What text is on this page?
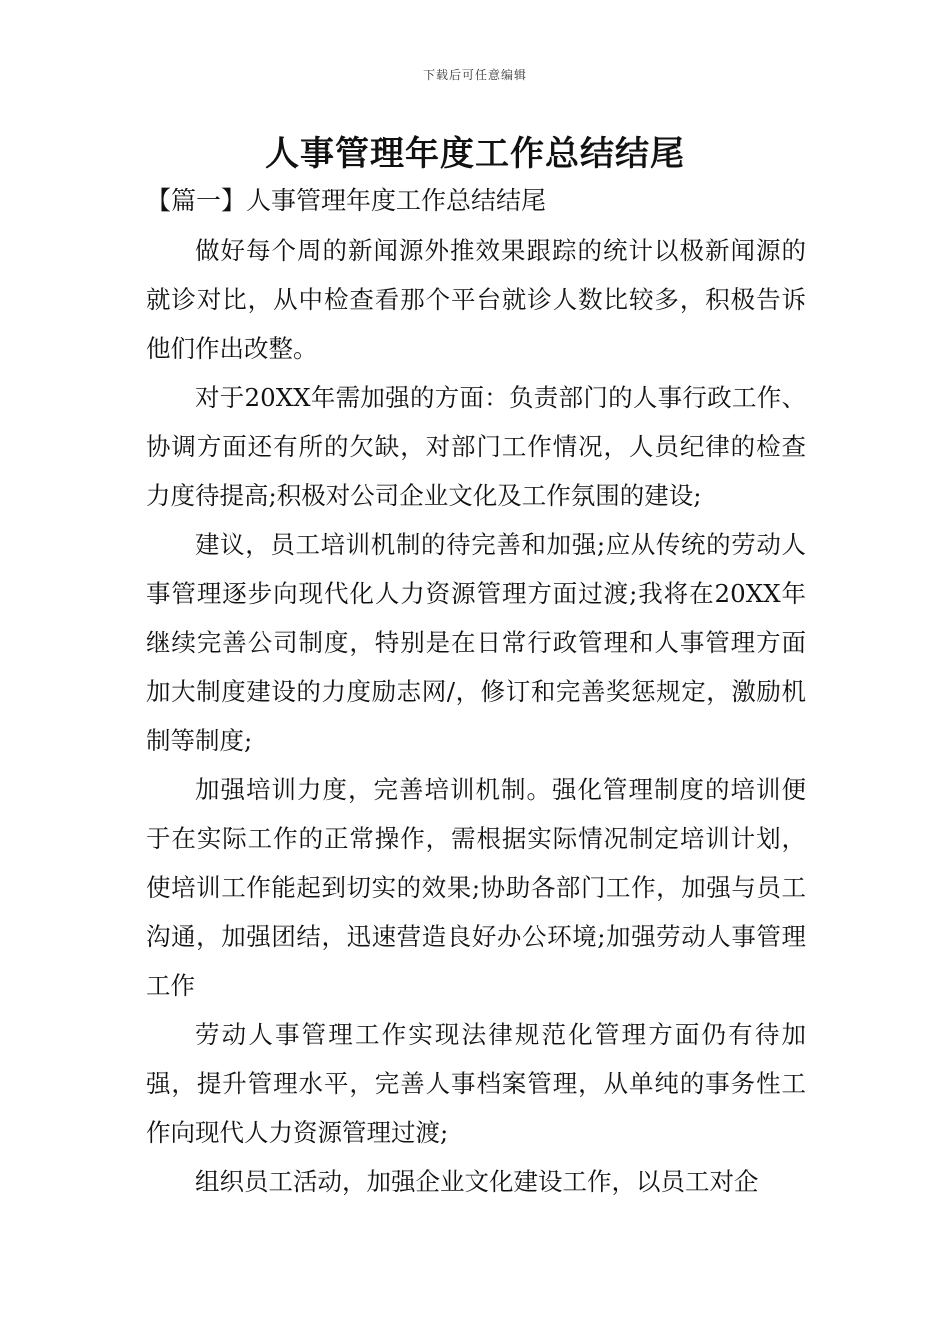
下载后可任意编辑
人事管理年度工作总结结尾
【篇一】人事管理年度工作总结结尾

做好每个周的新闻源外推效果跟踪的统计以极新闻源的就诊对比，从中检查看那个平台就诊人数比较多，积极告诉他们作出改整。

对于20XX年需加强的方面：负责部门的人事行政工作、协调方面还有所的欠缺，对部门工作情况，人员纪律的检查力度待提高;积极对公司企业文化及工作氛围的建设;

建议，员工培训机制的待完善和加强;应从传统的劳动人事管理逐步向现代化人力资源管理方面过渡;我将在20XX年继续完善公司制度，特别是在日常行政管理和人事管理方面加大制度建设的力度励志网/，修订和完善奖惩规定，激励机制等制度;

加强培训力度，完善培训机制。强化管理制度的培训便于在实际工作的正常操作，需根据实际情况制定培训计划，使培训工作能起到切实的效果;协助各部门工作，加强与员工沟通，加强团结，迅速营造良好办公环境;加强劳动人事管理工作

劳动人事管理工作实现法律规范化管理方面仍有待加强，提升管理水平，完善人事档案管理，从单纯的事务性工作向现代人力资源管理过渡;

组织员工活动，加强企业文化建设工作，以员工对企
